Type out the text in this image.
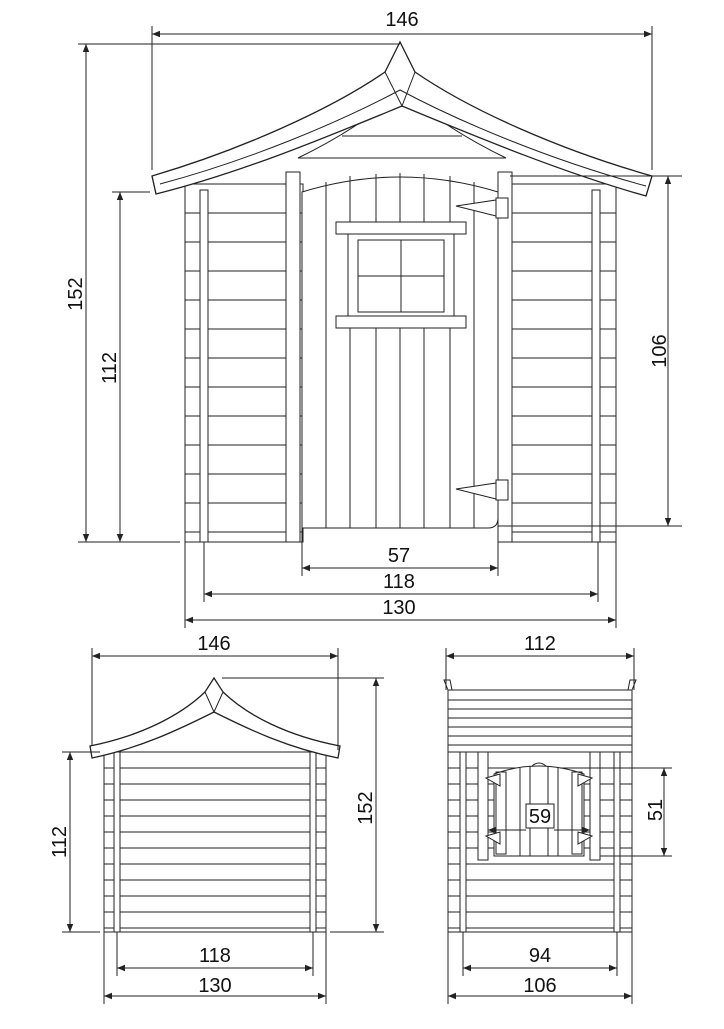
146
152
112
106
57
118
130
146
112
152
118
130
112
59	51
94
106
